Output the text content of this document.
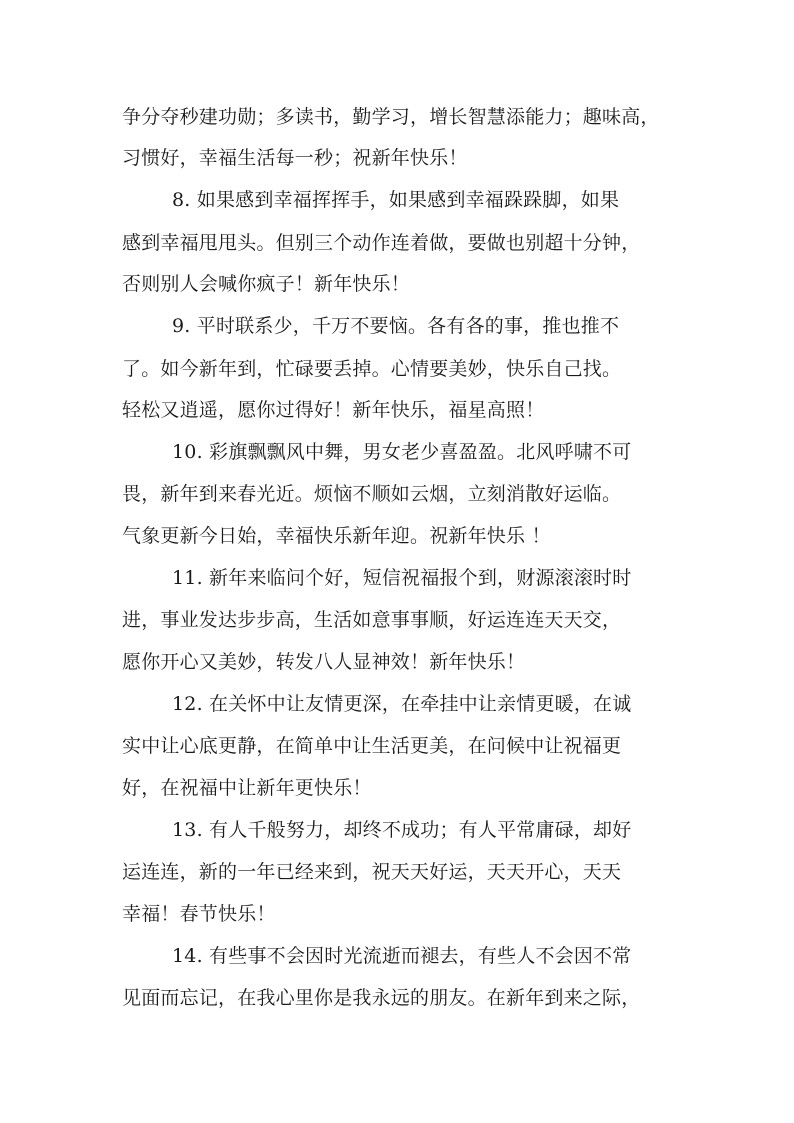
争分夺秒建功勋；多读书，勤学习，增长智慧添能力；趣味高，
习惯好，幸福生活每一秒；祝新年快乐！
8. 如果感到幸福挥挥手，如果感到幸福跺跺脚，如果
感到幸福甩甩头。但别三个动作连着做，要做也别超十分钟，
否则别人会喊你疯子！新年快乐！
9. 平时联系少，千万不要恼。各有各的事，推也推不
了。如今新年到，忙碌要丢掉。心情要美妙，快乐自己找。
轻松又逍遥，愿你过得好！新年快乐，福星高照！
10. 彩旗飘飘风中舞，男女老少喜盈盈。北风呼啸不可
畏，新年到来春光近。烦恼不顺如云烟，立刻消散好运临。
气象更新今日始，幸福快乐新年迎。祝新年快乐 ！
11. 新年来临问个好，短信祝福报个到，财源滚滚时时
进，事业发达步步高，生活如意事事顺，好运连连天天交，
愿你开心又美妙，转发八人显神效！新年快乐！
12. 在关怀中让友情更深，在牵挂中让亲情更暖，在诚
实中让心底更静，在简单中让生活更美，在问候中让祝福更
好，在祝福中让新年更快乐！
13. 有人千般努力，却终不成功；有人平常庸碌，却好
运连连，新的一年已经来到，祝天天好运，天天开心，天天
幸福！春节快乐！
14. 有些事不会因时光流逝而褪去，有些人不会因不常
见面而忘记，在我心里你是我永远的朋友。在新年到来之际，
